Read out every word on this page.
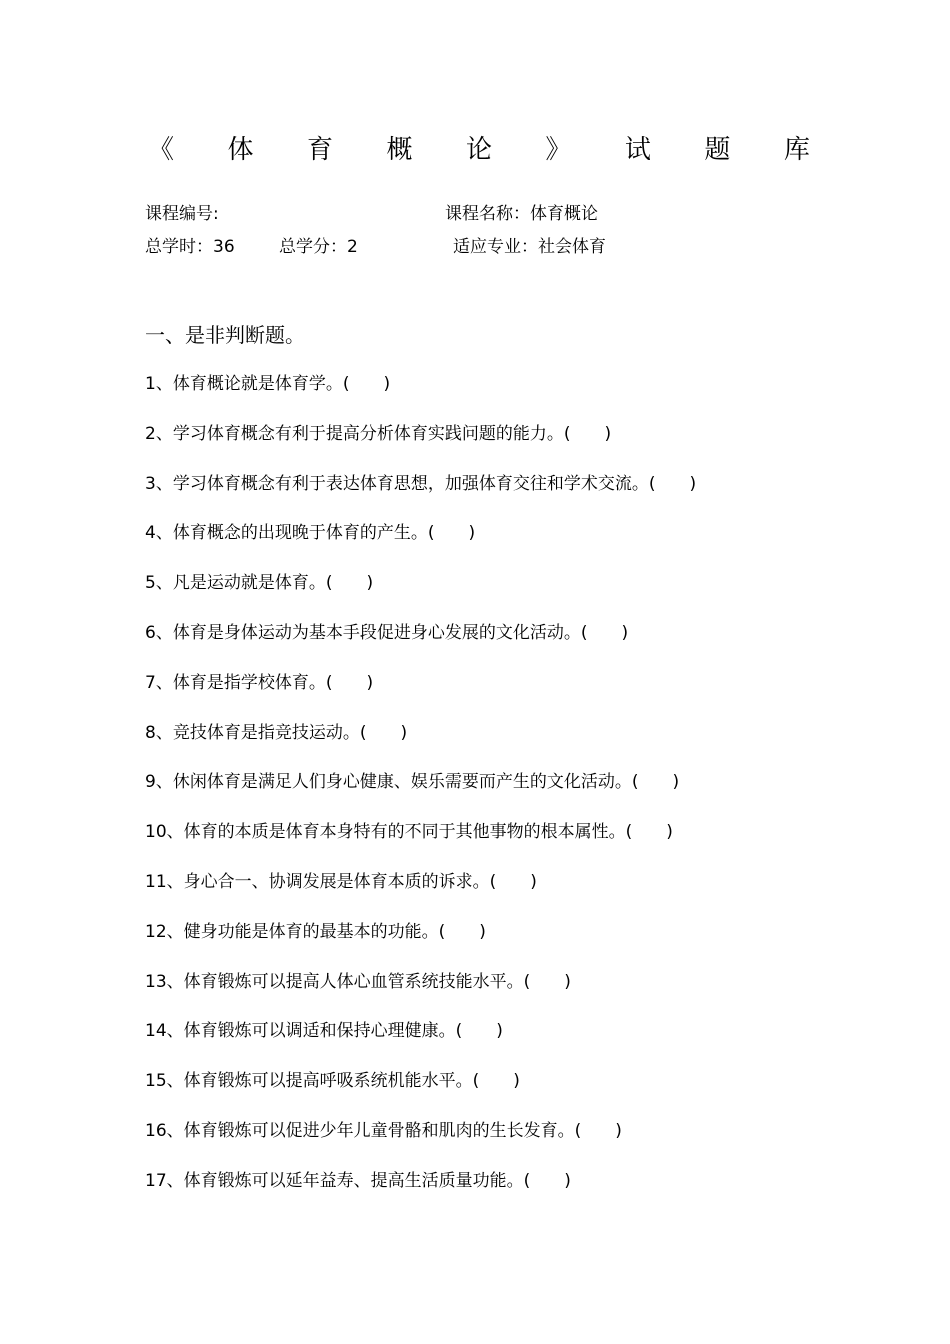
《 体 育 概 论 》 试 题 库
课程编号:	课程名称：体育概论
总学时：36	总学分：2	适应专业：社会体育
一、是非判断题。
1、体育概论就是体育学。(　　)
2、学习体育概念有利于提高分析体育实践问题的能力。(　　)
3、学习体育概念有利于表达体育思想，加强体育交往和学术交流。(　　)
4、体育概念的出现晚于体育的产生。(　　)
5、凡是运动就是体育。(　　)
6、体育是身体运动为基本手段促进身心发展的文化活动。(　　)
7、体育是指学校体育。(　　)
8、竞技体育是指竞技运动。(　　)
9、休闲体育是满足人们身心健康、娱乐需要而产生的文化活动。(　　)
10、体育的本质是体育本身特有的不同于其他事物的根本属性。(　　)
11、身心合一、协调发展是体育本质的诉求。(　　)
12、健身功能是体育的最基本的功能。(　　)
13、体育锻炼可以提高人体心血管系统技能水平。(　　)
14、体育锻炼可以调适和保持心理健康。(　　)
15、体育锻炼可以提高呼吸系统机能水平。(　　)
16、体育锻炼可以促进少年儿童骨骼和肌肉的生长发育。(　　)
17、体育锻炼可以延年益寿、提高生活质量功能。(　　)
